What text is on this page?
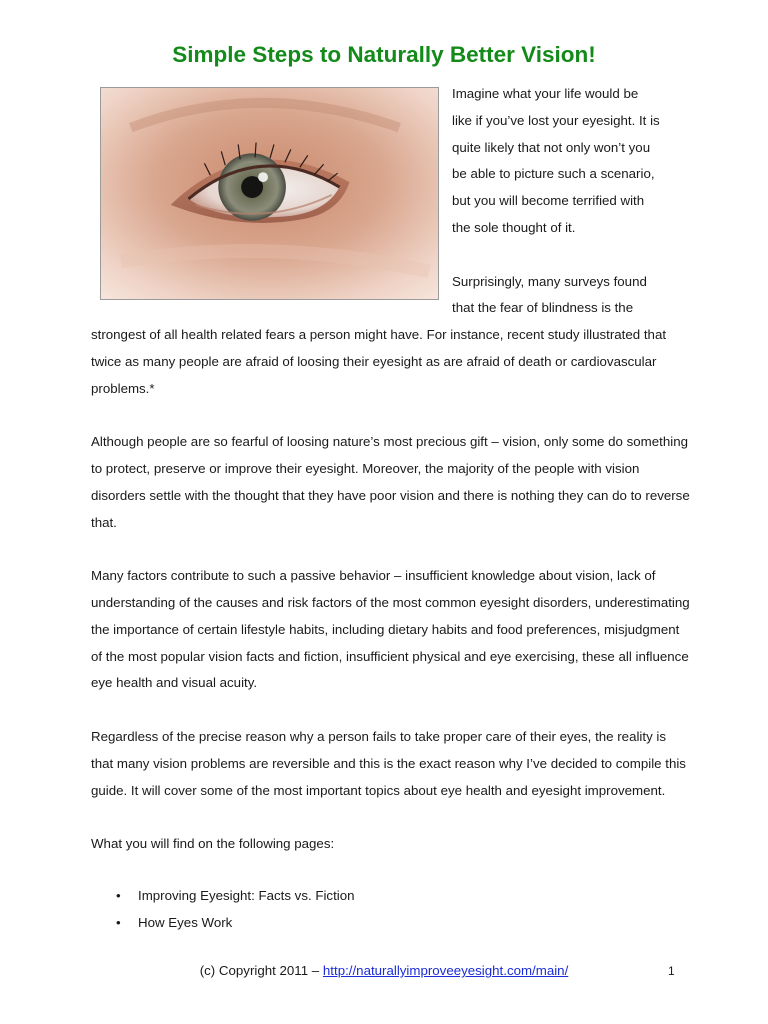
Simple Steps to Naturally Better Vision!
Imagine what your life would be
like if you’ve lost your eyesight. It is
quite likely that not only won’t you
be able to picture such a scenario,
but you will become terrified with
the sole thought of it.
Surprisingly, many surveys found
that the fear of blindness is the

strongest of all health related fears a person might have. For instance, recent study illustrated that twice as many people are afraid of loosing their eyesight as are afraid of death or cardiovascular problems.*

Although people are so fearful of loosing nature’s most precious gift – vision, only some do something to protect, preserve or improve their eyesight. Moreover, the majority of the people with vision disorders settle with the thought that they have poor vision and there is nothing they can do to reverse that.

Many factors contribute to such a passive behavior – insufficient knowledge about vision, lack of understanding of the causes and risk factors of the most common eyesight disorders, underestimating the importance of certain lifestyle habits, including dietary habits and food preferences, misjudgment of the most popular vision facts and fiction, insufficient physical and eye exercising, these all influence eye health and visual acuity.

Regardless of the precise reason why a person fails to take proper care of their eyes, the reality is that many vision problems are reversible and this is the exact reason why I’ve decided to compile this guide. It will cover some of the most important topics about eye health and eyesight improvement.

What you will find on the following pages:

• Improving Eyesight: Facts vs. Fiction
• How Eyes Work
(c) Copyright 2011 – http://naturallyimproveeyesight.com/main/	1
